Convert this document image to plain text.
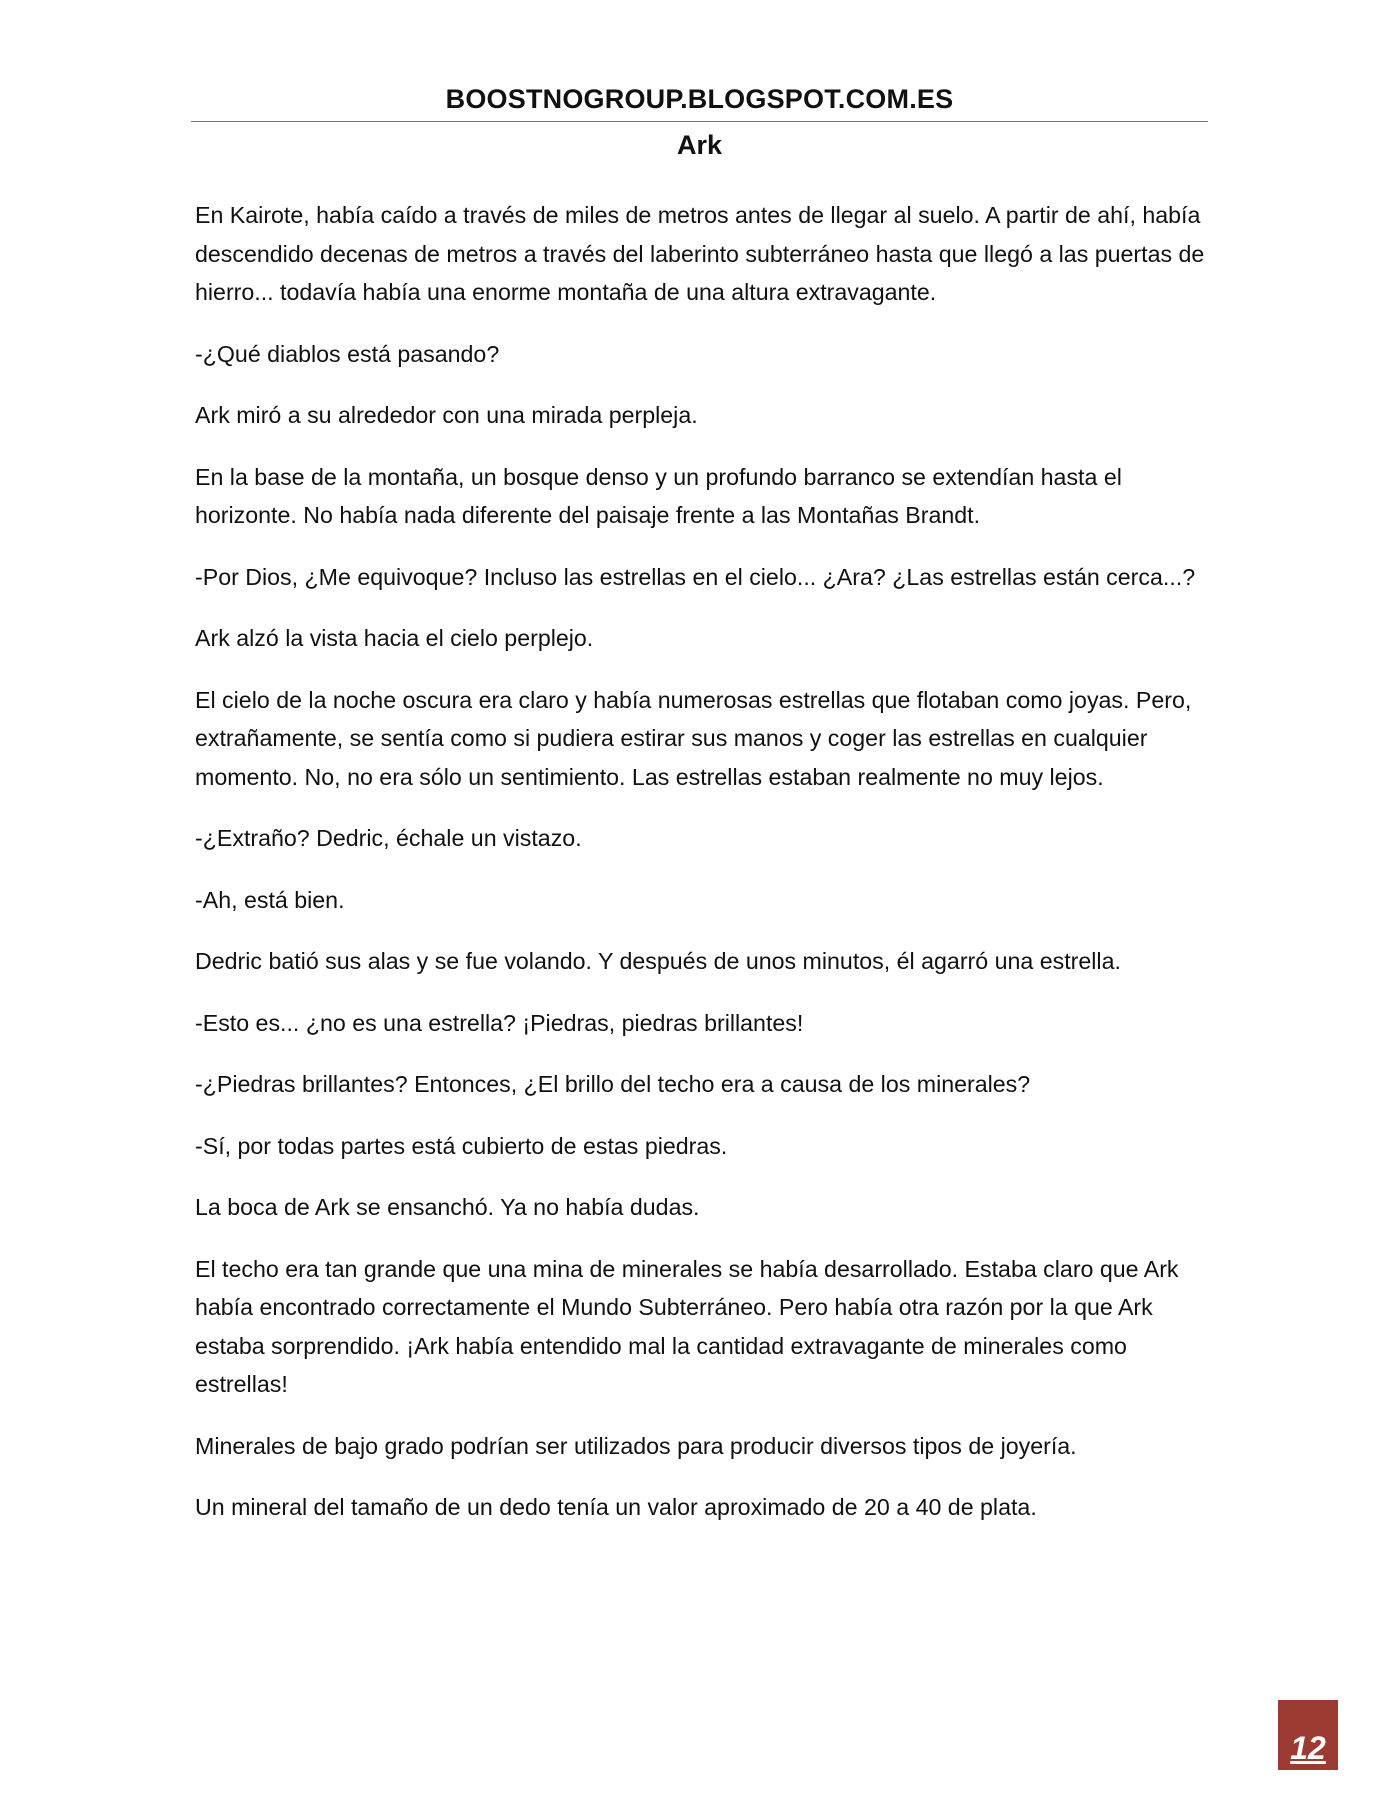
BOOSTNOGROUP.BLOGSPOT.COM.ES
Ark

En Kairote, había caído a través de miles de metros antes de llegar al suelo. A partir de ahí, había descendido decenas de metros a través del laberinto subterráneo hasta que llegó a las puertas de hierro... todavía había una enorme montaña de una altura extravagante.

-¿Qué diablos está pasando?

Ark miró a su alrededor con una mirada perpleja.

En la base de la montaña, un bosque denso y un profundo barranco se extendían hasta el horizonte. No había nada diferente del paisaje frente a las Montañas Brandt.

-Por Dios, ¿Me equivoque? Incluso las estrellas en el cielo... ¿Ara? ¿Las estrellas están cerca...?

Ark alzó la vista hacia el cielo perplejo.

El cielo de la noche oscura era claro y había numerosas estrellas que flotaban como joyas. Pero, extrañamente, se sentía como si pudiera estirar sus manos y coger las estrellas en cualquier momento. No, no era sólo un sentimiento. Las estrellas estaban realmente no muy lejos.

-¿Extraño? Dedric, échale un vistazo.

-Ah, está bien.

Dedric batió sus alas y se fue volando. Y después de unos minutos, él agarró una estrella.

-Esto es... ¿no es una estrella? ¡Piedras, piedras brillantes!

-¿Piedras brillantes? Entonces, ¿El brillo del techo era a causa de los minerales?

-Sí, por todas partes está cubierto de estas piedras.

La boca de Ark se ensanchó. Ya no había dudas.

El techo era tan grande que una mina de minerales se había desarrollado. Estaba claro que Ark había encontrado correctamente el Mundo Subterráneo. Pero había otra razón por la que Ark estaba sorprendido. ¡Ark había entendido mal la cantidad extravagante de minerales como estrellas!

Minerales de bajo grado podrían ser utilizados para producir diversos tipos de joyería.

Un mineral del tamaño de un dedo tenía un valor aproximado de 20 a 40 de plata.

12
